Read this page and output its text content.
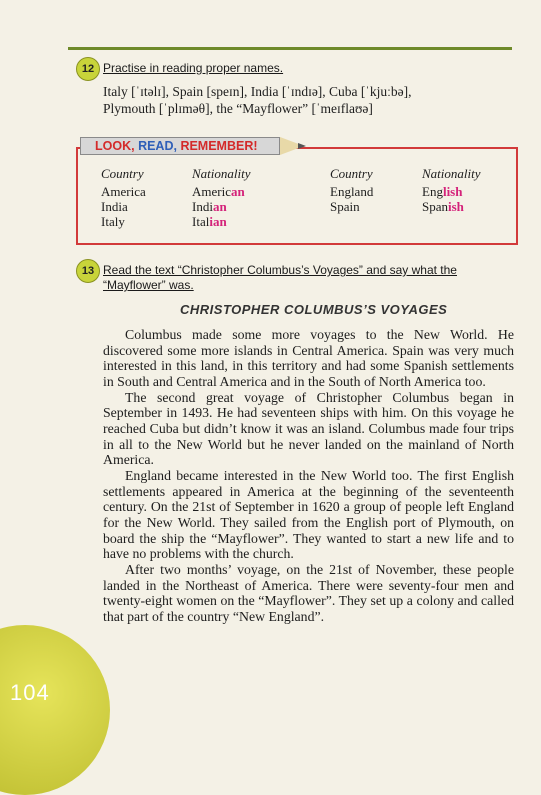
12 Practise in reading proper names.

Italy [ˈɪtəlɪ], Spain [speɪn], India [ˈɪndɪə], Cuba [ˈkjuːbə],

Plymouth [ˈplɪməθ], the “Mayflower” [ˈmeɪflaʊə]

LOOK, READ, REMEMBER!
Country
America
India
Italy
Nationality
American
Indian
Italian
Country
England
Spain
Nationality
English
Spanish
13 Read the text “Christopher Columbus’s Voyages” and say what the
“Mayflower” was.
CHRISTOPHER COLUMBUS’S VOYAGES

Columbus made some more voyages to the New World. He discovered some more islands in Central America. Spain was very much interested in this land, in this territory and had some Spanish settlements in South and Central America and in the South of North America too.

The second great voyage of Christopher Columbus began in September in 1493. He had seventeen ships with him. On this voyage he reached Cuba but didn’t know it was an island. Columbus made four trips in all to the New World but he never landed on the mainland of North America.

England became interested in the New World too. The first English settlements appeared in America at the beginning of the seventeenth century. On the 21st of September in 1620 a group of people left England for the New World. They sailed from the English port of Plymouth, on board the ship the “Mayflower”. They wanted to start a new life and to have no problems with the church.

After two months’ voyage, on the 21st of November, these people landed in the Northeast of America. There were seventy-four men and twenty-eight women on the “Mayflower”. They set up a colony and called that part of the country “New England”.

104
